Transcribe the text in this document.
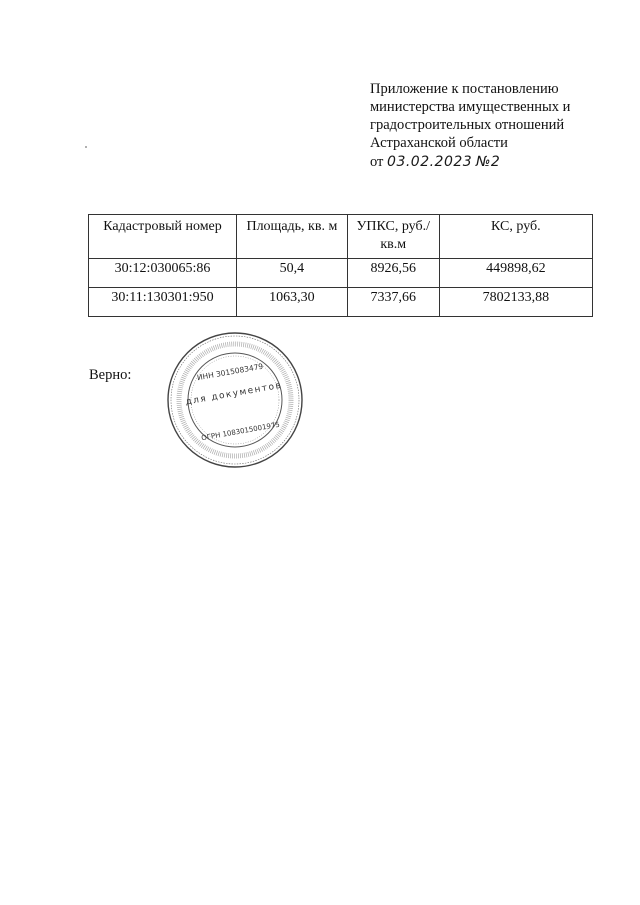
Приложение к постановлению
министерства имущественных и
градостроительных отношений
Астраханской области
от 03.02.2023 №2
Кадастровый номер	Площадь, кв. м	УПКС, руб./кв.м	КС, руб.
30:12:030065:86	50,4	8926,56	449898,62
30:11:130301:950	1063,30	7337,66	7802133,88
Верно:	ИНН 3015083479
для документов
ОГРН 1083015001975
